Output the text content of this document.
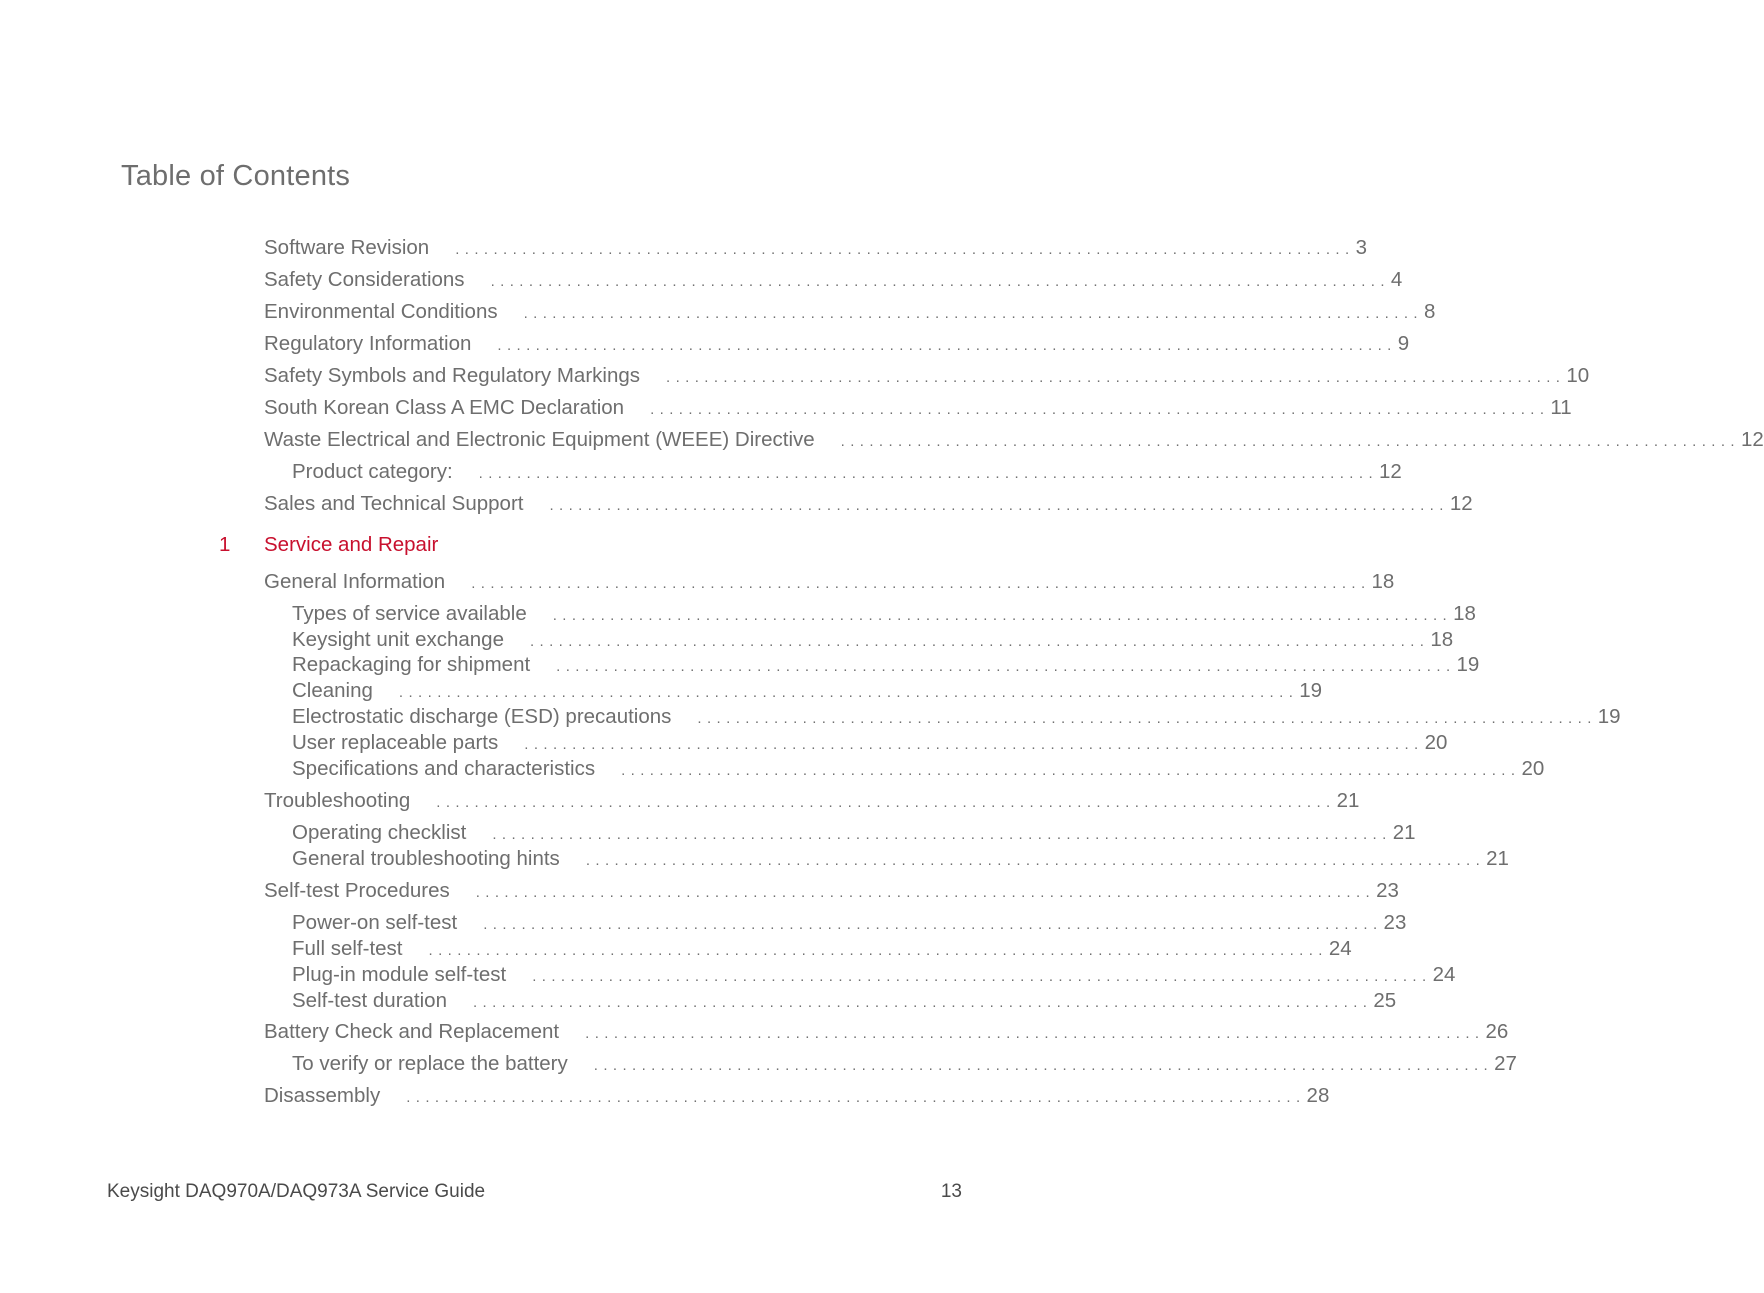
Table of Contents
Software Revision .............................................................................................. 3
Safety Considerations .............................................................................................. 4
Environmental Conditions .............................................................................................. 8
Regulatory Information .............................................................................................. 9
Safety Symbols and Regulatory Markings .............................................................................................. 10
South Korean Class A EMC Declaration .............................................................................................. 11
Waste Electrical and Electronic Equipment (WEEE) Directive .............................................................................................. 12
Product category: .............................................................................................. 12
Sales and Technical Support .............................................................................................. 12
1 Service and Repair
General Information .............................................................................................. 18
Types of service available .............................................................................................. 18
Keysight unit exchange .............................................................................................. 18
Repackaging for shipment .............................................................................................. 19
Cleaning .............................................................................................. 19
Electrostatic discharge (ESD) precautions .............................................................................................. 19
User replaceable parts .............................................................................................. 20
Specifications and characteristics .............................................................................................. 20
Troubleshooting .............................................................................................. 21
Operating checklist .............................................................................................. 21
General troubleshooting hints .............................................................................................. 21
Self-test Procedures .............................................................................................. 23
Power-on self-test .............................................................................................. 23
Full self-test .............................................................................................. 24
Plug-in module self-test .............................................................................................. 24
Self-test duration .............................................................................................. 25
Battery Check and Replacement .............................................................................................. 26
To verify or replace the battery .............................................................................................. 27
Disassembly .............................................................................................. 28
Keysight DAQ970A/DAQ973A Service Guide	13
